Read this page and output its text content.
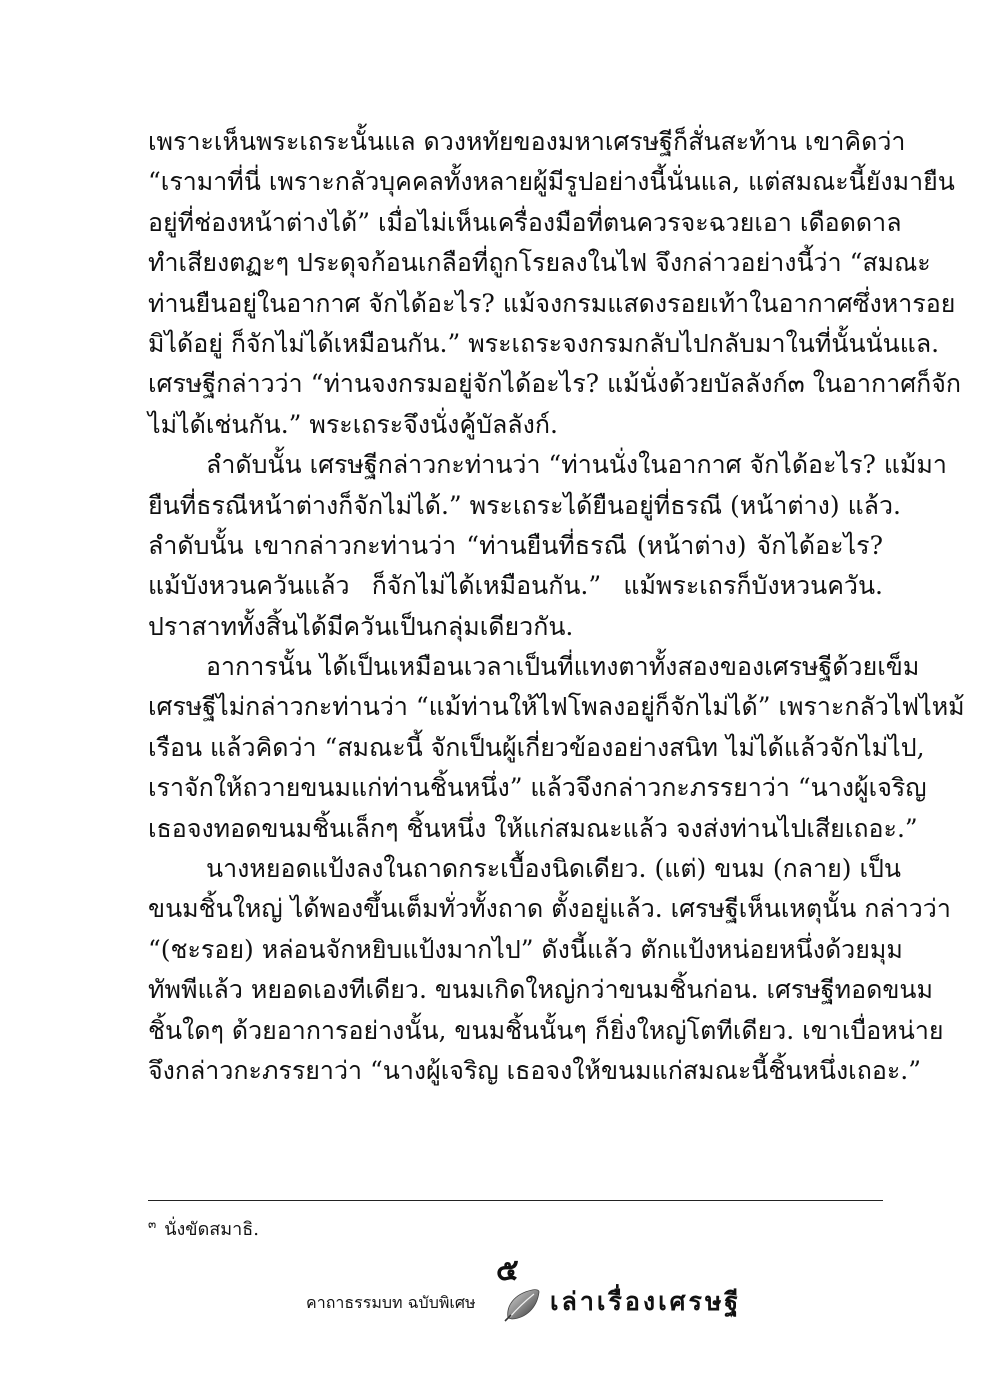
เพราะเห็นพระเถระนั้นแล ดวงหทัยของมหาเศรษฐีก็สั่นสะท้าน เขาคิดว่า
“เรามาที่นี่ เพราะกลัวบุคคลทั้งหลายผู้มีรูปอย่างนี้นั่นแล, แต่สมณะนี้ยังมายืน
อยู่ที่ช่องหน้าต่างได้” เมื่อไม่เห็นเครื่องมือที่ตนควรจะฉวยเอา เดือดดาล
ทำเสียงตฏะๆ ประดุจก้อนเกลือที่ถูกโรยลงในไฟ จึงกล่าวอย่างนี้ว่า “สมณะ
ท่านยืนอยู่ในอากาศ จักได้อะไร? แม้จงกรมแสดงรอยเท้าในอากาศซึ่งหารอย
มิได้อยู่ ก็จักไม่ได้เหมือนกัน.” พระเถระจงกรมกลับไปกลับมาในที่นั้นนั่นแล.
เศรษฐีกล่าวว่า “ท่านจงกรมอยู่จักได้อะไร? แม้นั่งด้วยบัลลังก์๓ ในอากาศก็จัก
ไม่ได้เช่นกัน.” พระเถระจึงนั่งคู้บัลลังก์.
ลำดับนั้น เศรษฐีกล่าวกะท่านว่า “ท่านนั่งในอากาศ จักได้อะไร? แม้มา
ยืนที่ธรณีหน้าต่างก็จักไม่ได้.” พระเถระได้ยืนอยู่ที่ธรณี (หน้าต่าง) แล้ว.
ลำดับนั้น เขากล่าวกะท่านว่า “ท่านยืนที่ธรณี (หน้าต่าง) จักได้อะไร?
แม้บังหวนควันแล้ว ก็จักไม่ได้เหมือนกัน.” แม้พระเถรก็บังหวนควัน.
ปราสาททั้งสิ้นได้มีควันเป็นกลุ่มเดียวกัน.
อาการนั้น ได้เป็นเหมือนเวลาเป็นที่แทงตาทั้งสองของเศรษฐีด้วยเข็ม
เศรษฐีไม่กล่าวกะท่านว่า “แม้ท่านให้ไฟโพลงอยู่ก็จักไม่ได้” เพราะกลัวไฟไหม้
เรือน แล้วคิดว่า “สมณะนี้ จักเป็นผู้เกี่ยวข้องอย่างสนิท ไม่ได้แล้วจักไม่ไป,
เราจักให้ถวายขนมแก่ท่านชิ้นหนึ่ง” แล้วจึงกล่าวกะภรรยาว่า “นางผู้เจริญ
เธอจงทอดขนมชิ้นเล็กๆ ชิ้นหนึ่ง ให้แก่สมณะแล้ว จงส่งท่านไปเสียเถอะ.”
นางหยอดแป้งลงในถาดกระเบื้องนิดเดียว. (แต่) ขนม (กลาย) เป็น
ขนมชิ้นใหญ่ ได้พองขึ้นเต็มทั่วทั้งถาด ตั้งอยู่แล้ว. เศรษฐีเห็นเหตุนั้น กล่าวว่า
“(ชะรอย) หล่อนจักหยิบแป้งมากไป” ดังนี้แล้ว ตักแป้งหน่อยหนึ่งด้วยมุม
ทัพพีแล้ว หยอดเองทีเดียว. ขนมเกิดใหญ่กว่าขนมชิ้นก่อน. เศรษฐีทอดขนม
ชิ้นใดๆ ด้วยอาการอย่างนั้น, ขนมชิ้นนั้นๆ ก็ยิ่งใหญ่โตทีเดียว. เขาเบื่อหน่าย
จึงกล่าวกะภรรยาว่า “นางผู้เจริญ เธอจงให้ขนมแก่สมณะนี้ชิ้นหนึ่งเถอะ.”
$^๓$ นั่งขัดสมาธิ.
๕
คาถาธรรมบท ฉบับพิเศษ	เล่าเรื่องเศรษฐี
